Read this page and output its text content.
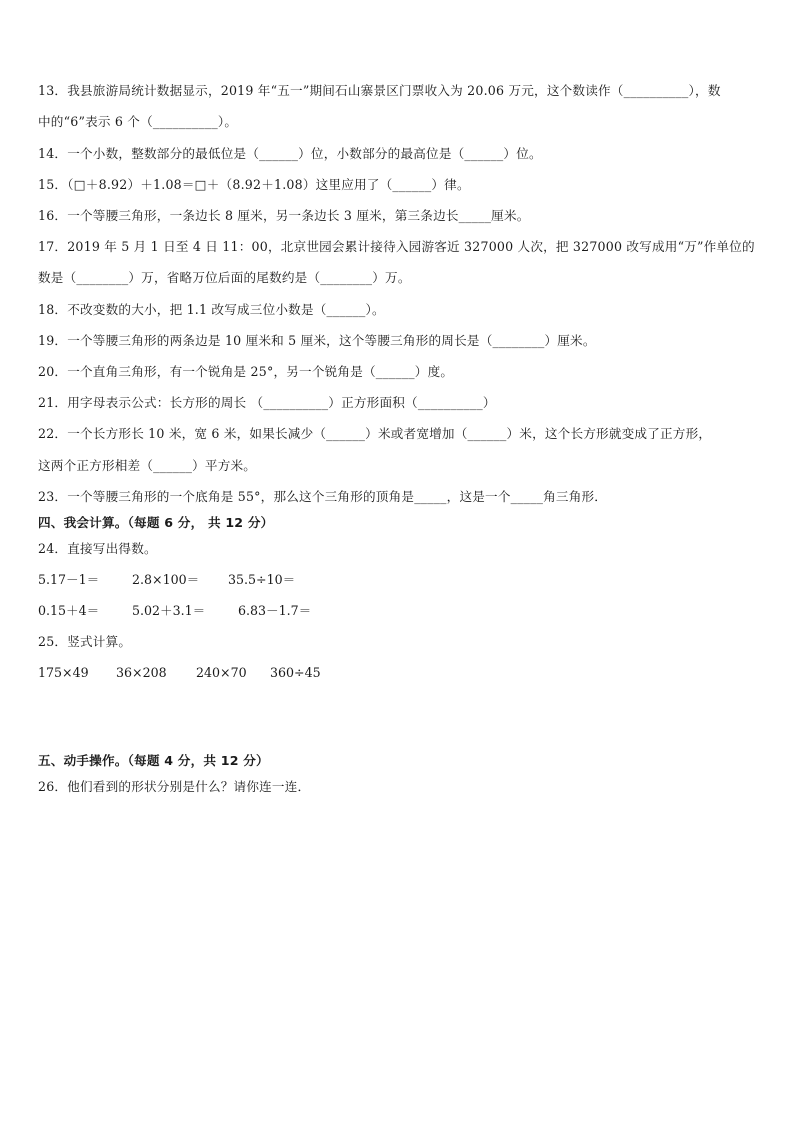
13．我县旅游局统计数据显示，2019 年“五一”期间石山寨景区门票收入为 20.06 万元，这个数读作（__________），数
中的“6”表示 6 个（__________）。
14．一个小数，整数部分的最低位是（______）位，小数部分的最高位是（______）位。
15．（□＋8.92）＋1.08＝□＋（8.92＋1.08）这里应用了（______）律。
16．一个等腰三角形，一条边长 8 厘米，另一条边长 3 厘米，第三条边长_____厘米。
17．2019 年 5 月 1 日至 4 日 11：00，北京世园会累计接待入园游客近 327000 人次，把 327000 改写成用“万”作单位的
数是（________）万，省略万位后面的尾数约是（________）万。
18．不改变数的大小，把 1.1 改写成三位小数是（______）。
19．一个等腰三角形的两条边是 10 厘米和 5 厘米，这个等腰三角形的周长是（________）厘米。
20．一个直角三角形，有一个锐角是 25°，另一个锐角是（______）度。
21．用字母表示公式：长方形的周长 （__________）正方形面积（__________）
22．一个长方形长 10 米，宽 6 米，如果长减少（______）米或者宽增加（______）米，这个长方形就变成了正方形，
这两个正方形相差（______）平方米。
23．一个等腰三角形的一个底角是 55°，那么这个三角形的顶角是_____，这是一个_____角三角形．
四、我会计算。（每题 6 分， 共 12 分）
24．直接写出得数。
5.17－1＝	2.8×100＝ 35.5÷10＝
0.15＋4＝	5.02＋3.1＝	6.83－1.7＝
25．竖式计算。
175×49 36×208 240×70 360÷45
五、动手操作。（每题 4 分，共 12 分）
26．他们看到的形状分别是什么？请你连一连．
